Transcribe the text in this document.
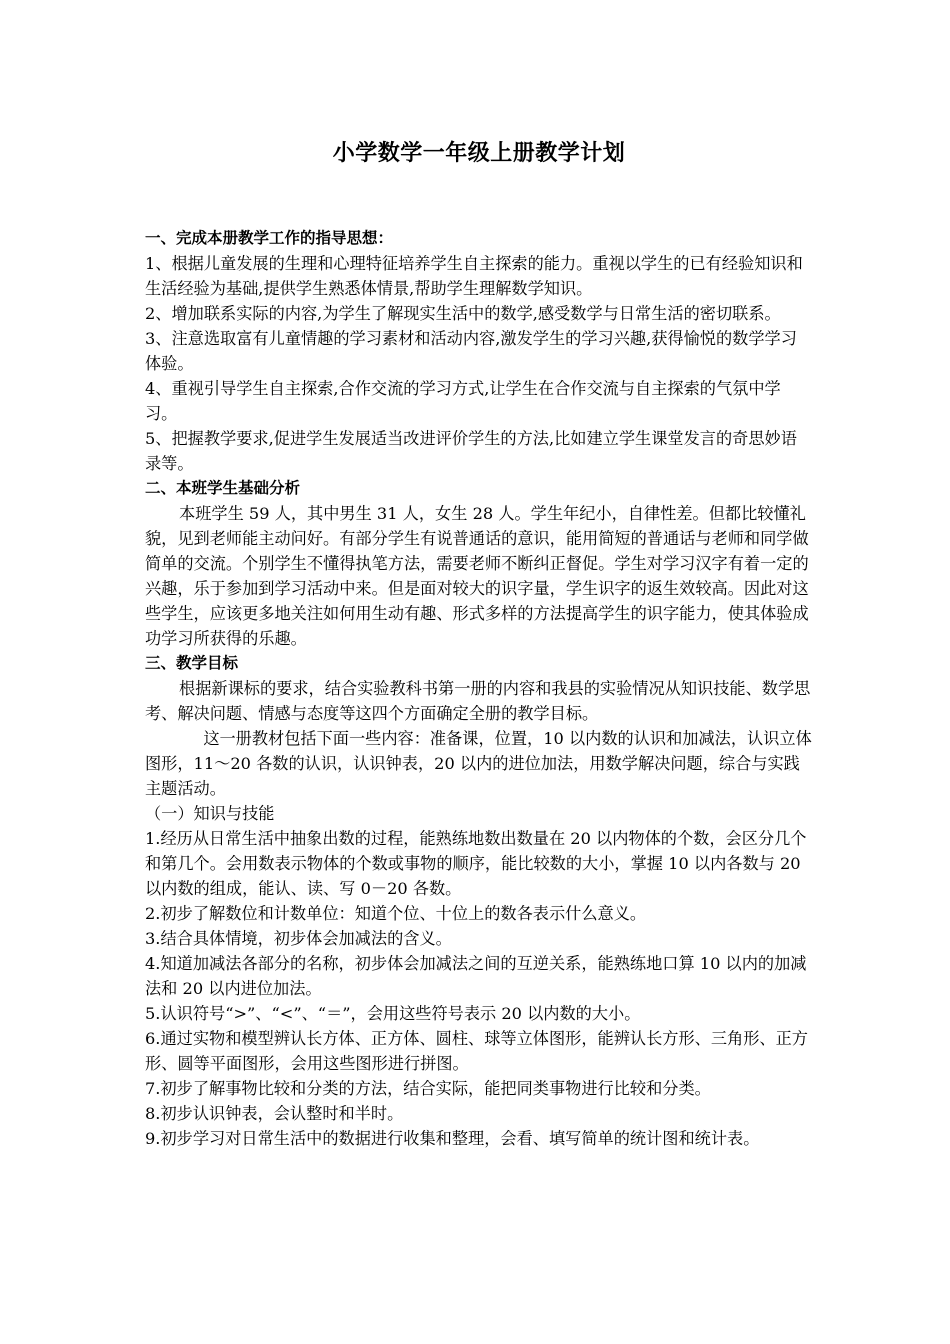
小学数学一年级上册教学计划

一、完成本册教学工作的指导思想：

1、根据儿童发展的生理和心理特征培养学生自主探索的能力。重视以学生的已有经验知识和生活经验为基础,提供学生熟悉体情景,帮助学生理解数学知识。

2、增加联系实际的内容,为学生了解现实生活中的数学,感受数学与日常生活的密切联系。

3、注意选取富有儿童情趣的学习素材和活动内容,激发学生的学习兴趣,获得愉悦的数学学习体验。

4、重视引导学生自主探索,合作交流的学习方式,让学生在合作交流与自主探索的气氛中学习。

5、把握教学要求,促进学生发展适当改进评价学生的方法,比如建立学生课堂发言的奇思妙语录等。

二、本班学生基础分析

本班学生 59 人，其中男生 31 人，女生 28 人。学生年纪小，自律性差。但都比较懂礼貌，见到老师能主动问好。有部分学生有说普通话的意识，能用简短的普通话与老师和同学做简单的交流。个别学生不懂得执笔方法，需要老师不断纠正督促。学生对学习汉字有着一定的兴趣，乐于参加到学习活动中来。但是面对较大的识字量，学生识字的返生效较高。因此对这些学生，应该更多地关注如何用生动有趣、形式多样的方法提高学生的识字能力，使其体验成功学习所获得的乐趣。

三、教学目标

根据新课标的要求，结合实验教科书第一册的内容和我县的实验情况从知识技能、数学思考、解决问题、情感与态度等这四个方面确定全册的教学目标。

这一册教材包括下面一些内容：准备课，位置，10 以内数的认识和加减法，认识立体图形，11～20 各数的认识，认识钟表，20 以内的进位加法，用数学解决问题，综合与实践主题活动。

（一）知识与技能

1.经历从日常生活中抽象出数的过程，能熟练地数出数量在 20 以内物体的个数，会区分几个和第几个。会用数表示物体的个数或事物的顺序，能比较数的大小，掌握 10 以内各数与 20 以内数的组成，能认、读、写 0－20 各数。

2.初步了解数位和计数单位：知道个位、十位上的数各表示什么意义。

3.结合具体情境，初步体会加减法的含义。

4.知道加减法各部分的名称，初步体会加减法之间的互逆关系，能熟练地口算 10 以内的加减法和 20 以内进位加法。

5.认识符号“>”、“<”、“＝”，会用这些符号表示 20 以内数的大小。

6.通过实物和模型辨认长方体、正方体、圆柱、球等立体图形，能辨认长方形、三角形、正方形、圆等平面图形，会用这些图形进行拼图。

7.初步了解事物比较和分类的方法，结合实际，能把同类事物进行比较和分类。

8.初步认识钟表，会认整时和半时。

9.初步学习对日常生活中的数据进行收集和整理，会看、填写简单的统计图和统计表。
